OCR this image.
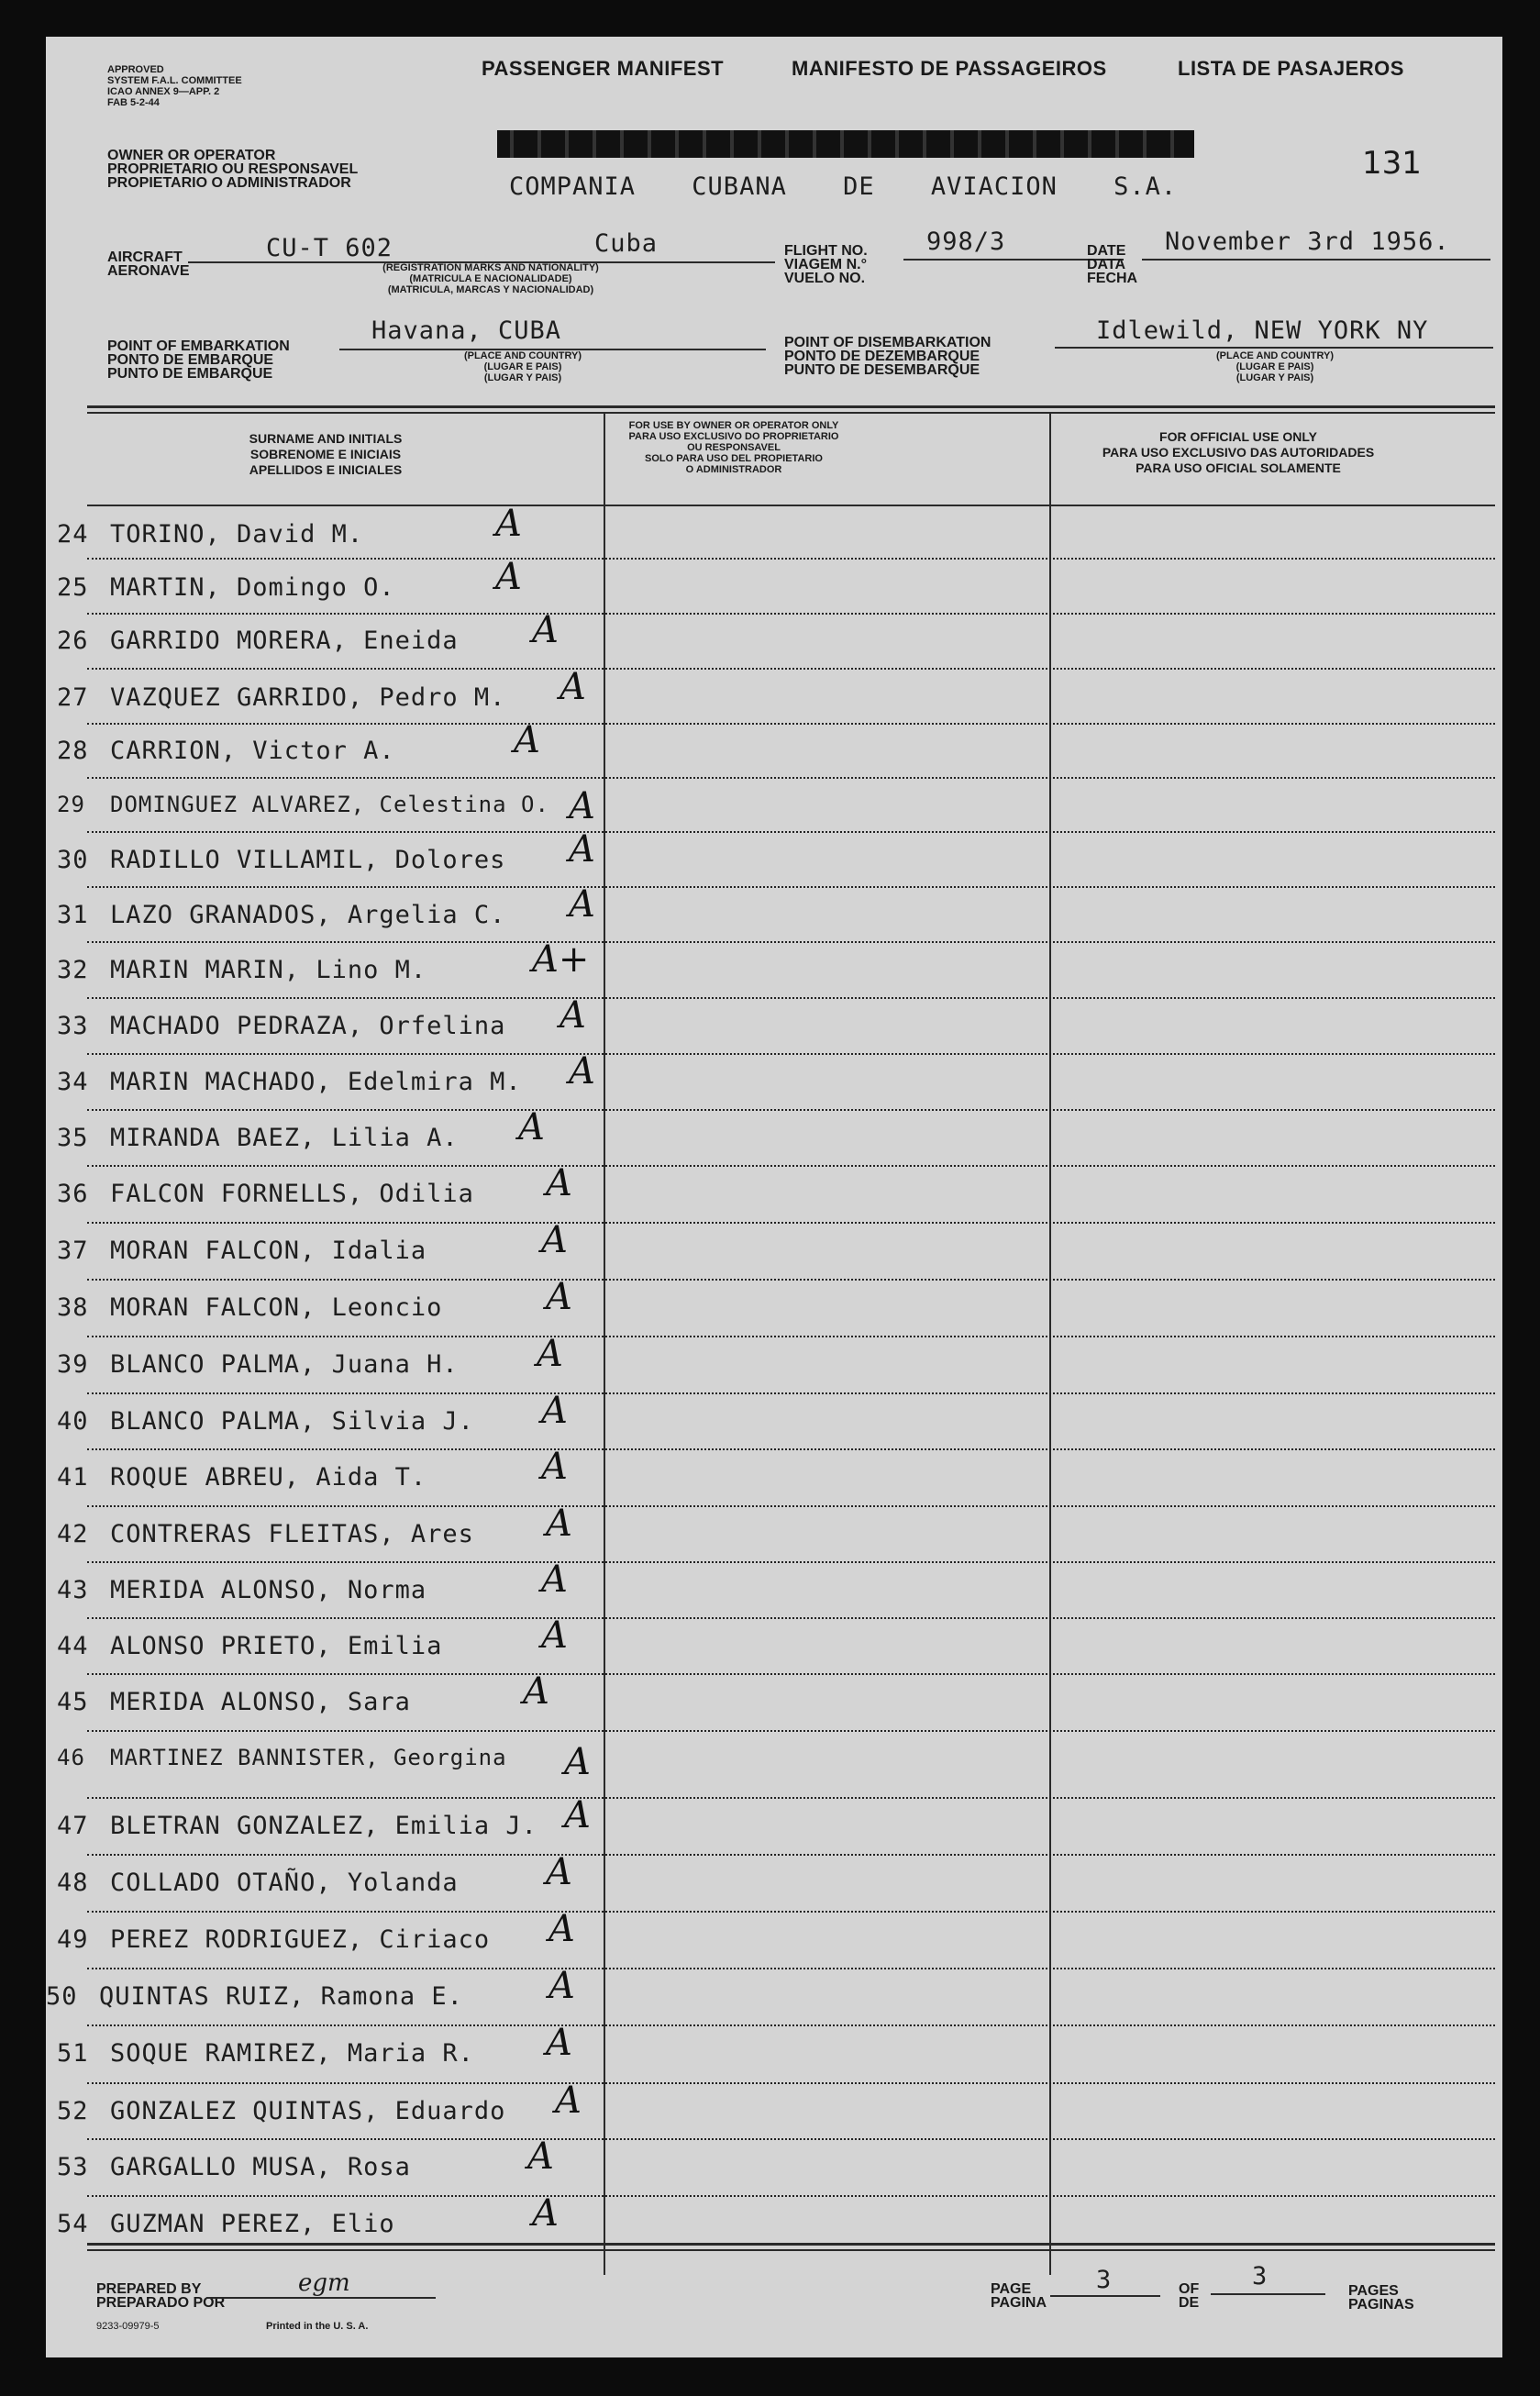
APPROVED
SYSTEM F.A.L. COMMITTEE
ICAO ANNEX 9—APP. 2
FAB 5-2-44
PASSENGER MANIFEST	MANIFESTO DE PASSAGEIROS	LISTA DE PASAJEROS
OWNER OR OPERATOR
PROPRIETARIO OU RESPONSAVEL
PROPIETARIO O ADMINISTRADOR	COMPANIA CUBANA DE AVIACION S.A.
131
AIRCRAFT
AERONAVE
CU-T 602	Cuba
(REGISTRATION MARKS AND NATIONALITY)
(MATRICULA E NACIONALIDADE)
(MATRICULA, MARCAS Y NACIONALIDAD)
FLIGHT NO.
VIAGEM N.°
VUELO NO.
998/3	DATE
DATA
FECHA
November 3rd 1956.
POINT OF EMBARKATION
PONTO DE EMBARQUE
PUNTO DE EMBARQUE
Havana, CUBA
(PLACE AND COUNTRY)
(LUGAR E PAIS)
(LUGAR Y PAIS)
POINT OF DISEMBARKATION
PONTO DE DEZEMBARQUE
PUNTO DE DESEMBARQUE
Idlewild, NEW YORK NY
(PLACE AND COUNTRY)
(LUGAR E PAIS)
(LUGAR Y PAIS)
SURNAME AND INITIALS
SOBRENOME E INICIAIS
APELLIDOS E INICIALES
FOR USE BY OWNER OR OPERATOR ONLY
PARA USO EXCLUSIVO DO PROPRIETARIO
OU RESPONSAVEL
SOLO PARA USO DEL PROPIETARIO
O ADMINISTRADOR
FOR OFFICIAL USE ONLY
PARA USO EXCLUSIVO DAS AUTORIDADES
PARA USO OFICIAL SOLAMENTE
24 TORINO, David M.	A
25 MARTIN, Domingo O.	A
26 GARRIDO MORERA, Eneida A
27 VAZQUEZ GARRIDO, Pedro M. A
28 CARRION, Victor A.	A
29 DOMINGUEZ ALVAREZ, Celestina O. A
30 RADILLO VILLAMIL, Dolores A
31 LAZO GRANADOS, Argelia C. A
32 MARIN MARIN, Lino M.	A+
33 MACHADO PEDRAZA, Orfelina A
34 MARIN MACHADO, Edelmira M. A
35 MIRANDA BAEZ, Lilia A. A
36 FALCON FORNELLS, Odilia A
37 MORAN FALCON, Idalia	A
38 MORAN FALCON, Leoncio	A
39 BLANCO PALMA, Juana H. A
40 BLANCO PALMA, Silvia J. A
41 ROQUE ABREU, Aida T.	A
42 CONTRERAS FLEITAS, Ares A
43 MERIDA ALONSO, Norma	A
44 ALONSO PRIETO, Emilia	A
45 MERIDA ALONSO, Sara	A
46 MARTINEZ BANNISTER, Georgina A
47 BLETRAN GONZALEZ, Emilia J. A
48 COLLADO OTAÑO, Yolanda A
49 PEREZ RODRIGUEZ, Ciriaco A
50 QUINTAS RUIZ, Ramona E. A
51 SOQUE RAMIREZ, Maria R. A
52 GONZALEZ QUINTAS, Eduardo A
53 GARGALLO MUSA, Rosa	A
54 GUZMAN PEREZ, Elio	A
PREPARED BY
PREPARADO POR
egm
9233-09979-5	Printed in the U. S. A.
PAGE
PAGINA
3	OF
DE
3
PAGES
PAGINAS
